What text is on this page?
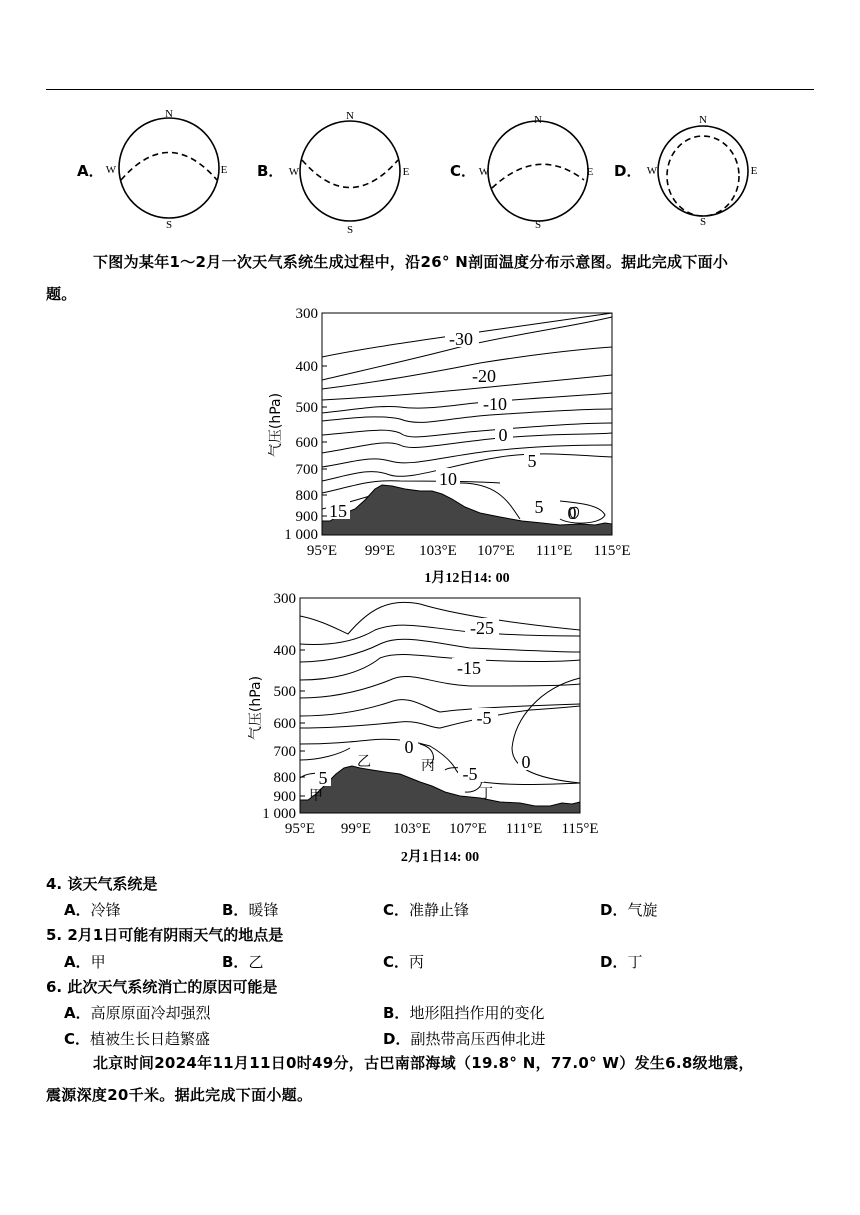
A．	B．	C．	D．
N
S
W	E
N
S
W	E
N
S
W	E
N
S
W	E
下图为某年1～2月一次天气系统生成过程中，沿26° N剖面温度分布示意图。据此完成下面小
题。
-30
-20
-10
0
5
10
15	5 0
300
400
500
600
700
800
900
1 000
95°E 99°E 103°E 107°E 111°E 115°E
气压(hPa)
1月12日14: 00
-25
-15
-5
0
5	-5
0
甲
乙	丙
丁
300
400
500
600
700
800
900
1 000
95°E 99°E 103°E 107°E 111°E 115°E
气压(hPa)
2月1日14: 00
4. 该天气系统是
A．冷锋	B．暖锋	C．准静止锋	D．气旋
5. 2月1日可能有阴雨天气的地点是
A．甲	B．乙	C．丙	D．丁
6. 此次天气系统消亡的原因可能是
A．高原原面冷却强烈	B．地形阻挡作用的变化
C．植被生长日趋繁盛	D．副热带高压西伸北进
北京时间2024年11月11日0时49分，古巴南部海域（19.8° N，77.0° W）发生6.8级地震，
震源深度20千米。据此完成下面小题。
